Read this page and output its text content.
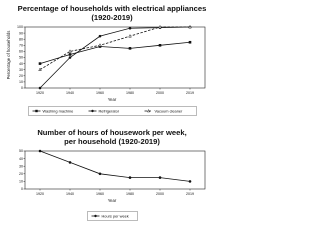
Percentage of households with electrical appliances
(1920-2019)
0
10
20
30
40
50
60
70
80
90
100
1920	1940	1960	1980	2000	2019
Year
Percentage of households
Washing machine	Refrigerator	Vacuum cleaner
Number of hours of housework per week,
per household (1920-2019)
0
10
20
30
40
50
1920	1940	1960	1980	2000	2019
Year
Hours per week
